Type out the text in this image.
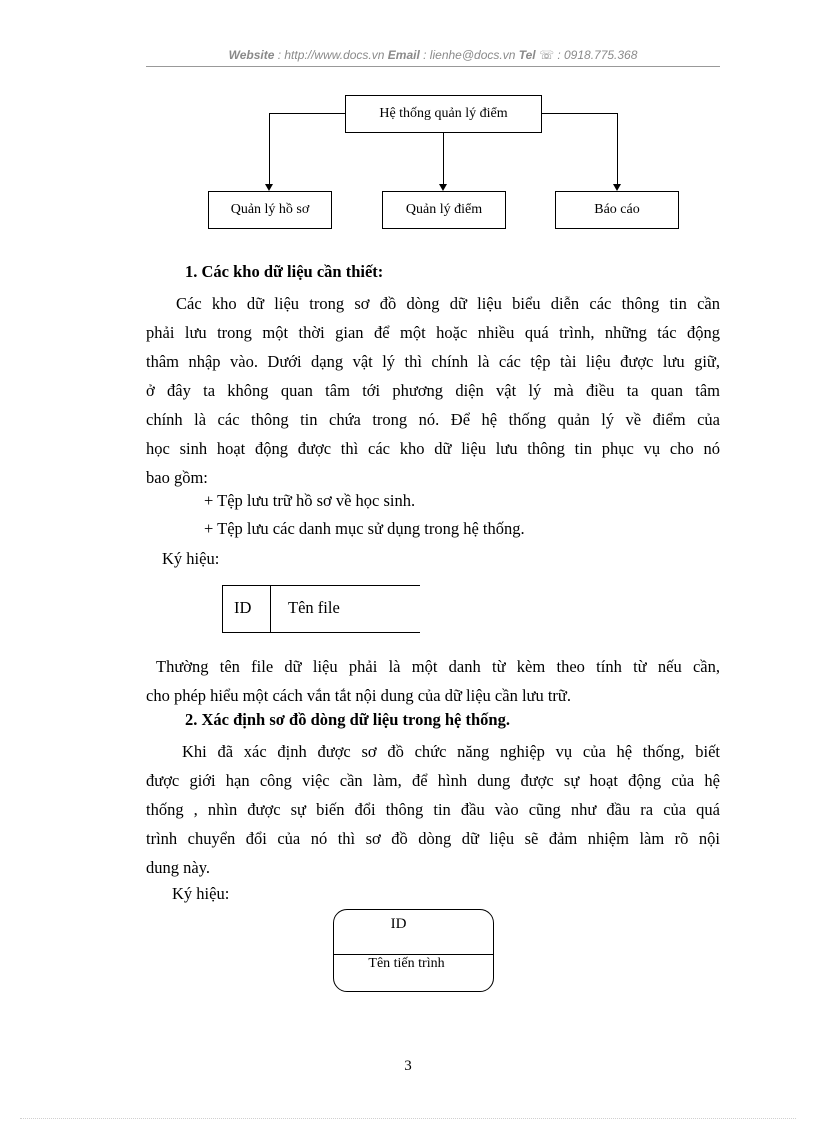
Website : http://www.docs.vn Email : lienhe@docs.vn Tel ☏ : 0918.775.368
Hệ thống quản lý điểm
Quản lý hồ sơ	Quản lý điểm	Báo cáo
1. Các kho dữ liệu cần thiết:
Các kho dữ liệu trong sơ đồ dòng dữ liệu biểu diễn các thông tin cần
phải lưu trong một thời gian để một hoặc nhiều quá trình, những tác động
thâm nhập vào. Dưới dạng vật lý thì chính là các tệp tài liệu được lưu giữ,
ở đây ta không quan tâm tới phương diện vật lý mà điều ta quan tâm
chính là các thông tin chứa trong nó. Để hệ thống quản lý về điểm của
học sinh hoạt động được thì các kho dữ liệu lưu thông tin phục vụ cho nó
bao gồm:
+ Tệp lưu trữ hồ sơ về học sinh.
+ Tệp lưu các danh mục sử dụng trong hệ thống.
Ký hiệu:
ID Tên file
Thường tên file dữ liệu phải là một danh từ kèm theo tính từ nếu cần,
cho phép hiểu một cách vắn tắt nội dung của dữ liệu cần lưu trữ.
2. Xác định sơ đồ dòng dữ liệu trong hệ thống.
Khi đã xác định được sơ đồ chức năng nghiệp vụ của hệ thống, biết
được giới hạn công việc cần làm, để hình dung được sự hoạt động của hệ
thống , nhìn được sự biến đổi thông tin đầu vào cũng như đầu ra của quá
trình chuyển đổi của nó thì sơ đồ dòng dữ liệu sẽ đảm nhiệm làm rõ nội
dung này.
Ký hiệu:
ID
Tên tiến trình
3
